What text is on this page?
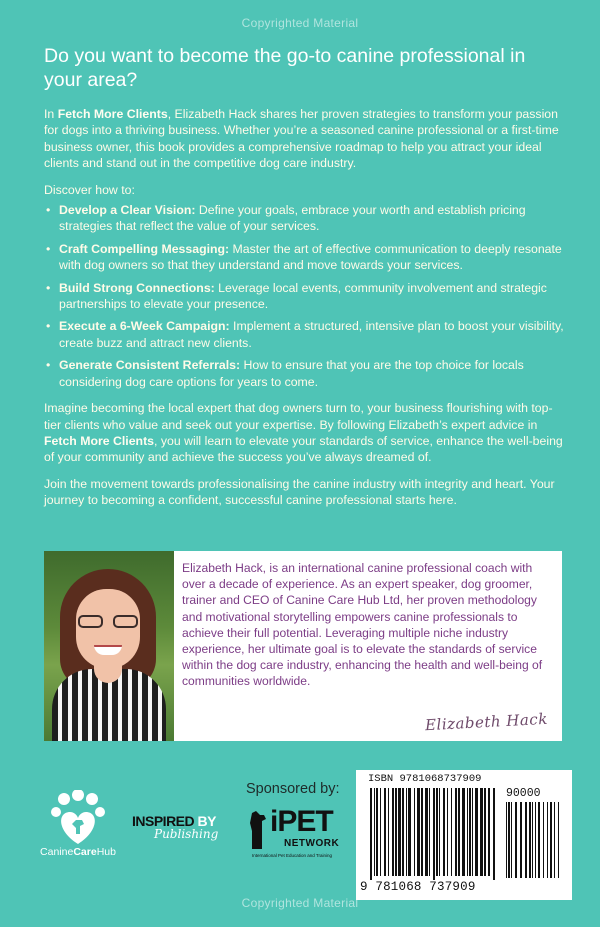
Copyrighted Material
Do you want to become the go-to canine professional in your area?

In Fetch More Clients, Elizabeth Hack shares her proven strategies to transform your passion for dogs into a thriving business. Whether you’re a seasoned canine professional or a first-time business owner, this book provides a comprehensive roadmap to help you attract your ideal clients and stand out in the competitive dog care industry.

Discover how to:

• Develop a Clear Vision: Define your goals, embrace your worth and establish pricing strategies that reflect the value of your services.
• Craft Compelling Messaging: Master the art of effective communication to deeply resonate with dog owners so that they understand and move towards your services.
• Build Strong Connections: Leverage local events, community involvement and strategic partnerships to elevate your presence.
• Execute a 6-Week Campaign: Implement a structured, intensive plan to boost your visibility, create buzz and attract new clients.
• Generate Consistent Referrals: How to ensure that you are the top choice for locals considering dog care options for years to come.

Imagine becoming the local expert that dog owners turn to, your business flourishing with top-tier clients who value and seek out your expertise. By following Elizabeth’s expert advice in Fetch More Clients, you will learn to elevate your standards of service, enhance the well-being of your community and achieve the success you’ve always dreamed of.

Join the movement towards professionalising the canine industry with integrity and heart. Your journey to becoming a confident, successful canine professional starts here.

Elizabeth Hack, is an international canine professional coach with over a decade of experience. As an expert speaker, dog groomer, trainer and CEO of Canine Care Hub Ltd, her proven methodology and motivational storytelling empowers canine professionals to achieve their full potential. Leveraging multiple niche industry experience, her ultimate goal is to elevate the standards of service within the dog care industry, enhancing the health and well-being of communities worldwide.
Elizabeth Hack
CanineCareHub
INSPIRED BY
Publishing
Sponsored by:
iPET
NETWORK
International Pet Education and Training
ISBN 9781068737909
90000
9 781068 737909
Copyrighted Material
